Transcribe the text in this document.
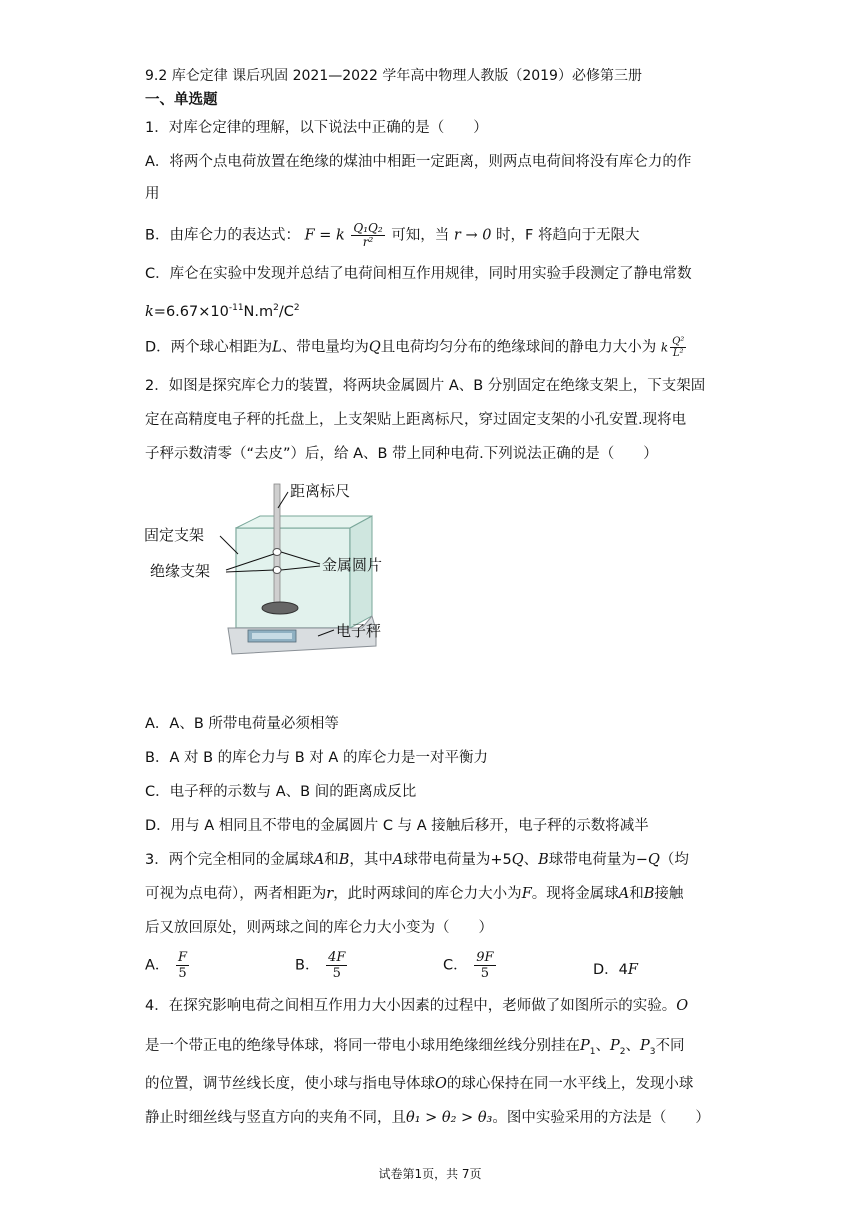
9.2 库仑定律 课后巩固 2021—2022 学年高中物理人教版（2019）必修第三册
一、单选题
1．对库仑定律的理解，以下说法中正确的是（　　）
A．将两个点电荷放置在绝缘的煤油中相距一定距离，则两点电荷间将没有库仑力的作
用
B．由库仑力的表达式： F = k $\frac{\text{Q₁Q₂}}{\text{r²}}$ 可知，当 r → 0 时，F 将趋向于无限大
C．库仑在实验中发现并总结了电荷间相互作用规律，同时用实验手段测定了静电常数
$k=6.67\times 10^{-11}N.m^2/C^2$
D．两个球心相距为L、带电量均为Q且电荷均匀分布的绝缘球间的静电力大小为 k $\frac{\text{Q²}}{\text{L²}}$
2．如图是探究库仑力的装置，将两块金属圆片 A、B 分别固定在绝缘支架上，下支架固
定在高精度电子秤的托盘上，上支架贴上距离标尺，穿过固定支架的小孔安置.现将电
子秤示数清零（“去皮”）后，给 A、B 带上同种电荷.下列说法正确的是（　　）
距离标尺
固定支架
绝缘支架	金属圆片
电子秤
A．A、B 所带电荷量必须相等
B．A 对 B 的库仑力与 B 对 A 的库仑力是一对平衡力
C．电子秤的示数与 A、B 间的距离成反比
D．用与 A 相同且不带电的金属圆片 C 与 A 接触后移开，电子秤的示数将减半
3．两个完全相同的金属球A和B，其中A球带电荷量为+5Q、B球带电荷量为−Q（均
可视为点电荷），两者相距为r，此时两球间的库仑力大小为F。现将金属球A和B接触
后又放回原处，则两球之间的库仑力大小变为（　　）
A． $\frac{F}{5}$	B． $\frac{4F}{5}$	C． $\frac{9F}{5}$	D．4F
4．在探究影响电荷之间相互作用力大小因素的过程中，老师做了如图所示的实验。O
是一个带正电的绝缘导体球，将同一带电小球用绝缘细丝线分别挂在$P_1$、$P_2$、$P_3$不同
的位置，调节丝线长度，使小球与指电导体球O的球心保持在同一水平线上，发现小球
静止时细丝线与竖直方向的夹角不同，且θ₁ > θ₂ > θ₃。图中实验采用的方法是（　　）
试卷第1页，共 7页
